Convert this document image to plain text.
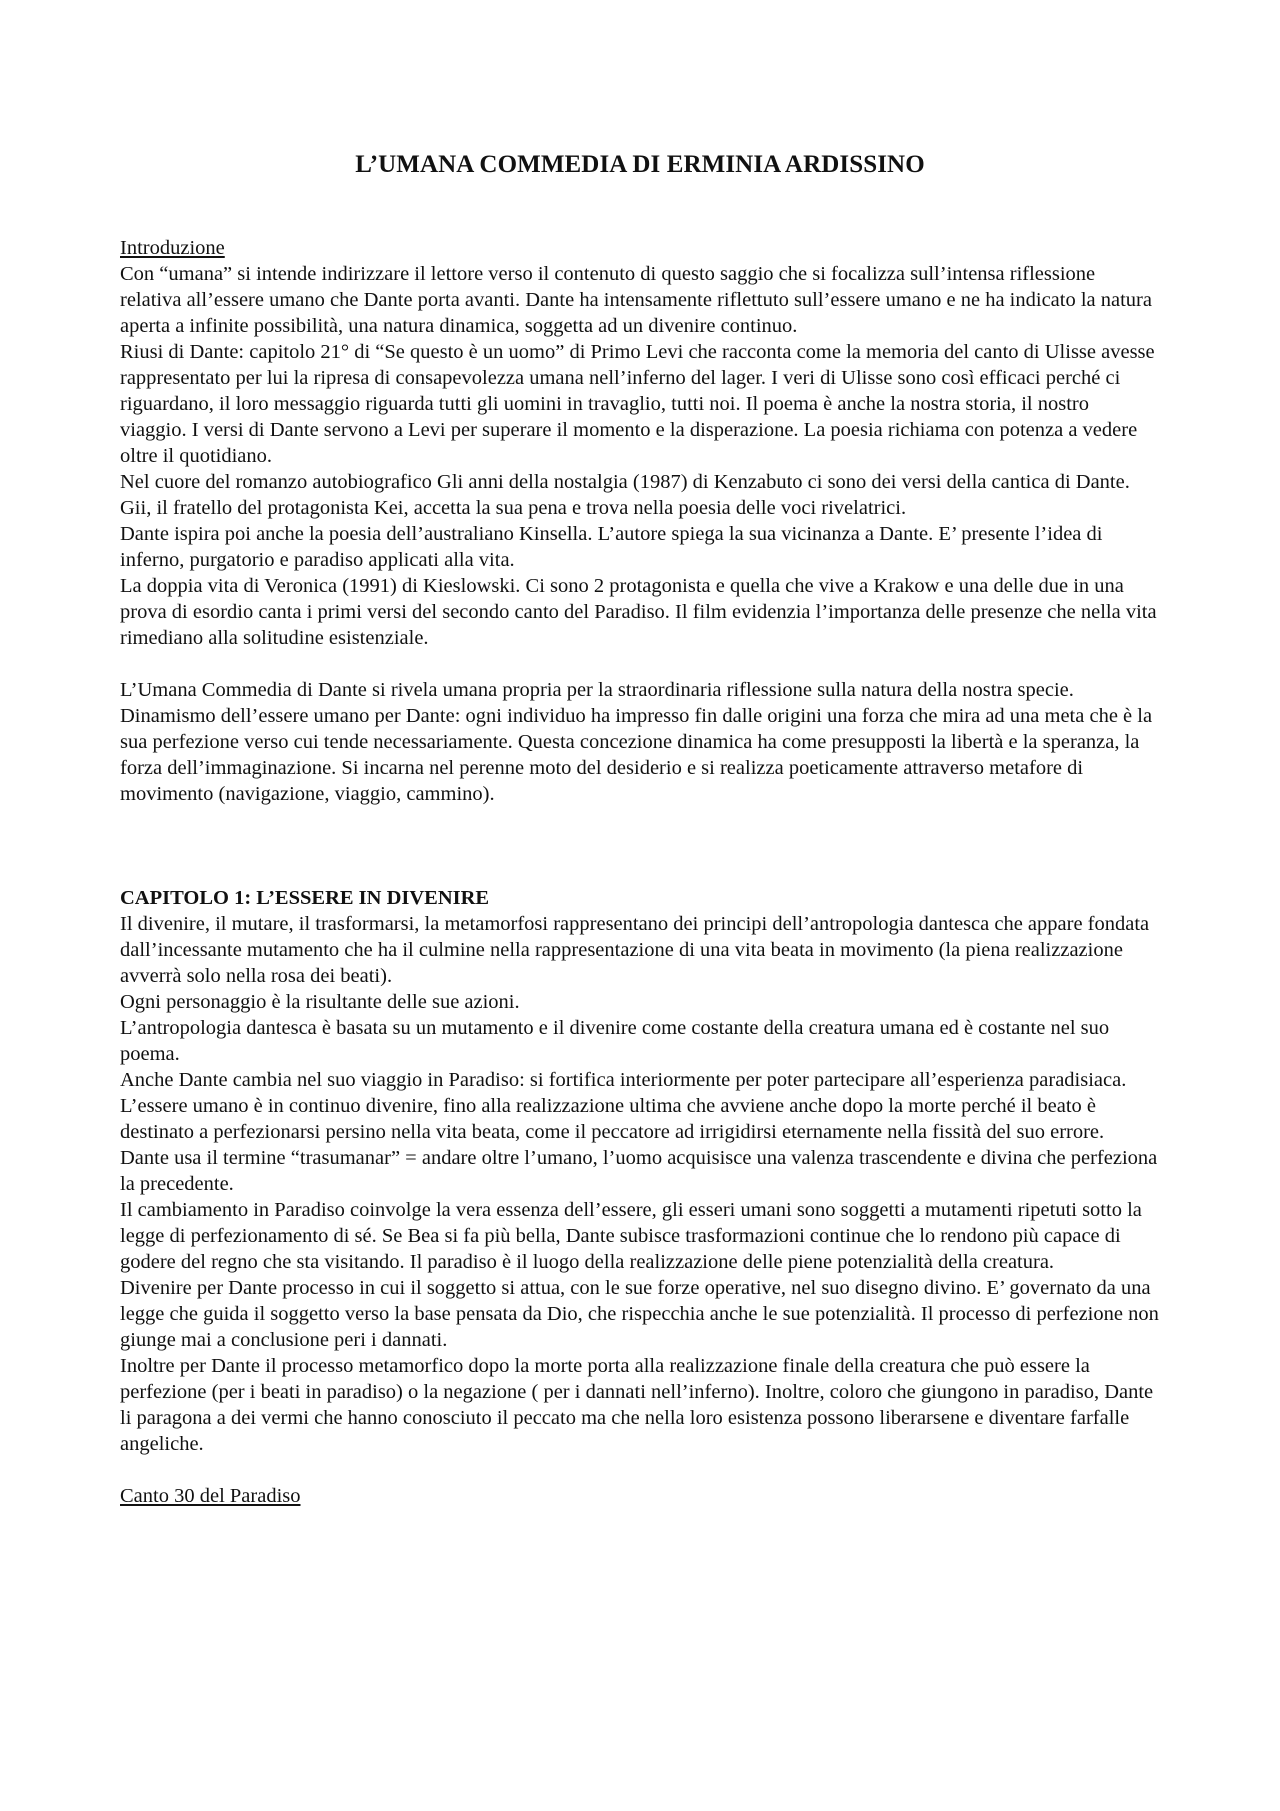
L’UMANA COMMEDIA DI ERMINIA ARDISSINO

Introduzione

Con “umana” si intende indirizzare il lettore verso il contenuto di questo saggio che si focalizza sull’intensa riflessione relativa all’essere umano che Dante porta avanti. Dante ha intensamente riflettuto sull’essere umano e ne ha indicato la natura aperta a infinite possibilità, una natura dinamica, soggetta ad un divenire continuo.

Riusi di Dante: capitolo 21° di “Se questo è un uomo” di Primo Levi che racconta come la memoria del canto di Ulisse avesse rappresentato per lui la ripresa di consapevolezza umana nell’inferno del lager. I veri di Ulisse sono così efficaci perché ci riguardano, il loro messaggio riguarda tutti gli uomini in travaglio, tutti noi. Il poema è anche la nostra storia, il nostro viaggio. I versi di Dante servono a Levi per superare il momento e la disperazione. La poesia richiama con potenza a vedere oltre il quotidiano.

Nel cuore del romanzo autobiografico Gli anni della nostalgia (1987) di Kenzabuto ci sono dei versi della cantica di Dante. Gii, il fratello del protagonista Kei, accetta la sua pena e trova nella poesia delle voci rivelatrici.

Dante ispira poi anche la poesia dell’australiano Kinsella. L’autore spiega la sua vicinanza a Dante. E’ presente l’idea di inferno, purgatorio e paradiso applicati alla vita.

La doppia vita di Veronica (1991) di Kieslowski. Ci sono 2 protagonista e quella che vive a Krakow e una delle due in una prova di esordio canta i primi versi del secondo canto del Paradiso. Il film evidenzia l’importanza delle presenze che nella vita rimediano alla solitudine esistenziale.

L’Umana Commedia di Dante si rivela umana propria per la straordinaria riflessione sulla natura della nostra specie.

Dinamismo dell’essere umano per Dante: ogni individuo ha impresso fin dalle origini una forza che mira ad una meta che è la sua perfezione verso cui tende necessariamente. Questa concezione dinamica ha come presupposti la libertà e la speranza, la forza dell’immaginazione. Si incarna nel perenne moto del desiderio e si realizza poeticamente attraverso metafore di movimento (navigazione, viaggio, cammino).

CAPITOLO 1: L’ESSERE IN DIVENIRE

Il divenire, il mutare, il trasformarsi, la metamorfosi rappresentano dei principi dell’antropologia dantesca che appare fondata dall’incessante mutamento che ha il culmine nella rappresentazione di una vita beata in movimento (la piena realizzazione avverrà solo nella rosa dei beati).

Ogni personaggio è la risultante delle sue azioni.

L’antropologia dantesca è basata su un mutamento e il divenire come costante della creatura umana ed è costante nel suo poema.

Anche Dante cambia nel suo viaggio in Paradiso: si fortifica interiormente per poter partecipare all’esperienza paradisiaca. L’essere umano è in continuo divenire, fino alla realizzazione ultima che avviene anche dopo la morte perché il beato è destinato a perfezionarsi persino nella vita beata, come il peccatore ad irrigidirsi eternamente nella fissità del suo errore.

Dante usa il termine “trasumanar” = andare oltre l’umano, l’uomo acquisisce una valenza trascendente e divina che perfeziona la precedente.

Il cambiamento in Paradiso coinvolge la vera essenza dell’essere, gli esseri umani sono soggetti a mutamenti ripetuti sotto la legge di perfezionamento di sé. Se Bea si fa più bella, Dante subisce trasformazioni continue che lo rendono più capace di godere del regno che sta visitando. Il paradiso è il luogo della realizzazione delle piene potenzialità della creatura.

Divenire per Dante processo in cui il soggetto si attua, con le sue forze operative, nel suo disegno divino. E’ governato da una legge che guida il soggetto verso la base pensata da Dio, che rispecchia anche le sue potenzialità. Il processo di perfezione non giunge mai a conclusione peri i dannati.

Inoltre per Dante il processo metamorfico dopo la morte porta alla realizzazione finale della creatura che può essere la perfezione (per i beati in paradiso) o la negazione ( per i dannati nell’inferno). Inoltre, coloro che giungono in paradiso, Dante li paragona a dei vermi che hanno conosciuto il peccato ma che nella loro esistenza possono liberarsene e diventare farfalle angeliche.

Canto 30 del Paradiso
